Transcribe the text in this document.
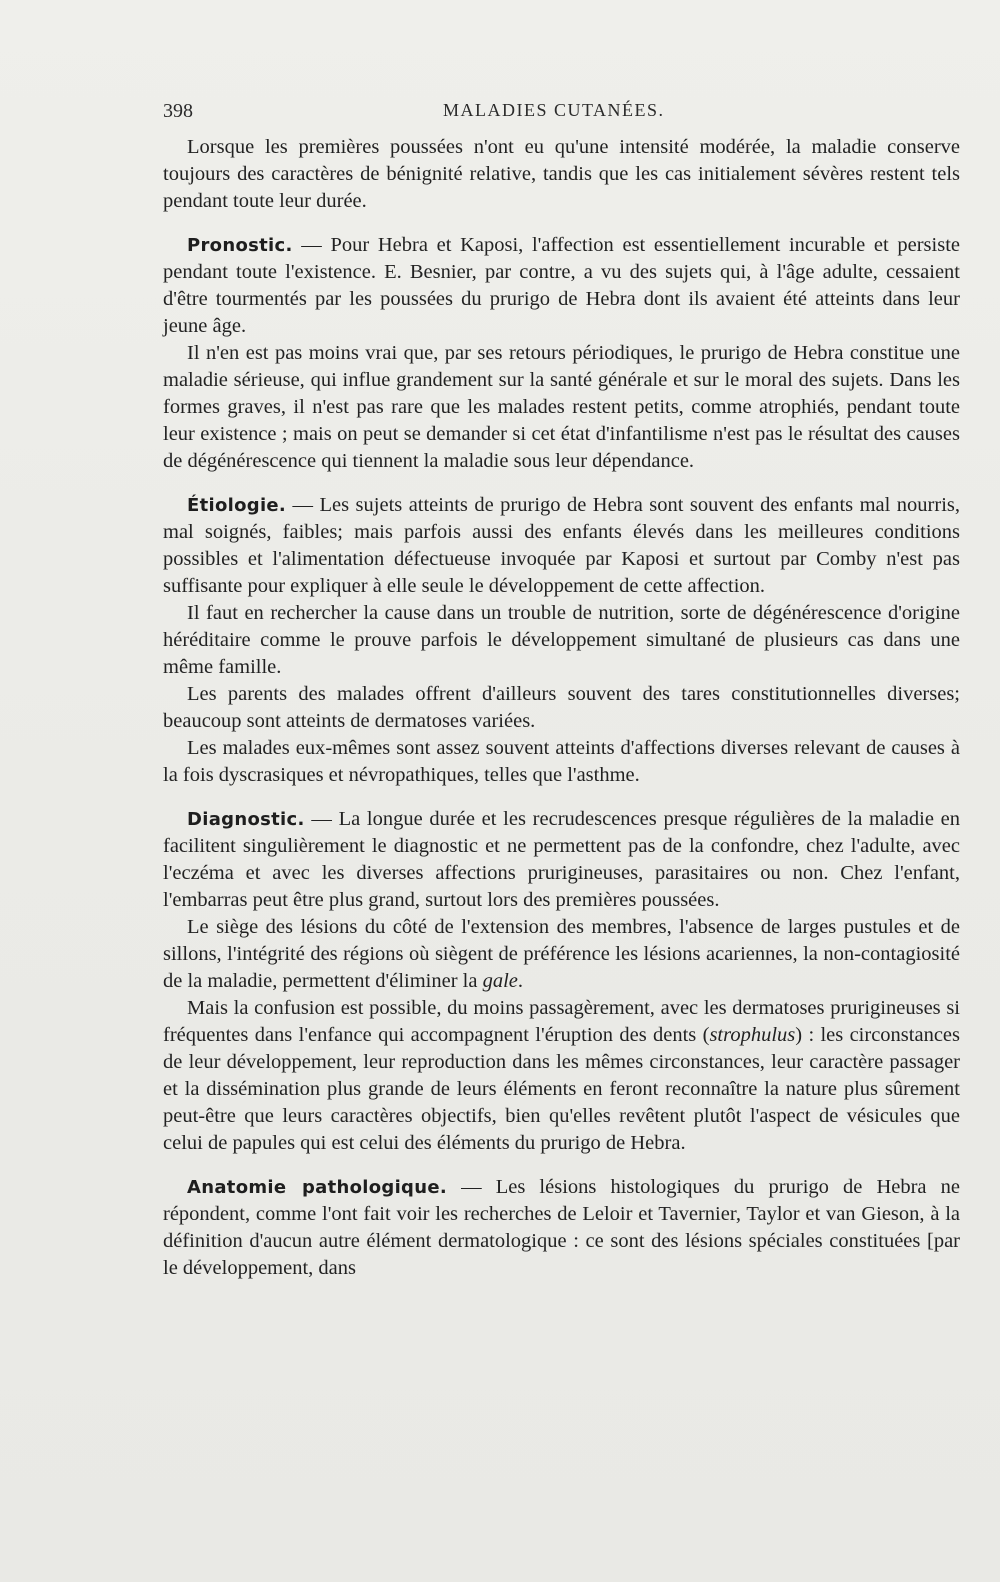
398	MALADIES CUTANÉES.

Lorsque les premières poussées n'ont eu qu'une intensité modérée, la maladie conserve toujours des caractères de bénignité relative, tandis que les cas initialement sévères restent tels pendant toute leur durée.

Pronostic. — Pour Hebra et Kaposi, l'affection est essentiellement incurable et persiste pendant toute l'existence. E. Besnier, par contre, a vu des sujets qui, à l'âge adulte, cessaient d'être tourmentés par les poussées du prurigo de Hebra dont ils avaient été atteints dans leur jeune âge.

Il n'en est pas moins vrai que, par ses retours périodiques, le prurigo de Hebra constitue une maladie sérieuse, qui influe grandement sur la santé générale et sur le moral des sujets. Dans les formes graves, il n'est pas rare que les malades restent petits, comme atrophiés, pendant toute leur existence ; mais on peut se demander si cet état d'infantilisme n'est pas le résultat des causes de dégénérescence qui tiennent la maladie sous leur dépendance.

Étiologie. — Les sujets atteints de prurigo de Hebra sont souvent des enfants mal nourris, mal soignés, faibles; mais parfois aussi des enfants élevés dans les meilleures conditions possibles et l'alimentation défectueuse invoquée par Kaposi et surtout par Comby n'est pas suffisante pour expliquer à elle seule le développement de cette affection.

Il faut en rechercher la cause dans un trouble de nutrition, sorte de dégénérescence d'origine héréditaire comme le prouve parfois le développement simultané de plusieurs cas dans une même famille.

Les parents des malades offrent d'ailleurs souvent des tares constitutionnelles diverses; beaucoup sont atteints de dermatoses variées.

Les malades eux-mêmes sont assez souvent atteints d'affections diverses relevant de causes à la fois dyscrasiques et névropathiques, telles que l'asthme.

Diagnostic. — La longue durée et les recrudescences presque régulières de la maladie en facilitent singulièrement le diagnostic et ne permettent pas de la confondre, chez l'adulte, avec l'eczéma et avec les diverses affections prurigineuses, parasitaires ou non. Chez l'enfant, l'embarras peut être plus grand, surtout lors des premières poussées.

Le siège des lésions du côté de l'extension des membres, l'absence de larges pustules et de sillons, l'intégrité des régions où siègent de préférence les lésions acariennes, la non-contagiosité de la maladie, permettent d'éliminer la gale.

Mais la confusion est possible, du moins passagèrement, avec les dermatoses prurigineuses si fréquentes dans l'enfance qui accompagnent l'éruption des dents (strophulus) : les circonstances de leur développement, leur reproduction dans les mêmes circonstances, leur caractère passager et la dissémination plus grande de leurs éléments en feront reconnaître la nature plus sûrement peut-être que leurs caractères objectifs, bien qu'elles revêtent plutôt l'aspect de vésicules que celui de papules qui est celui des éléments du prurigo de Hebra.

Anatomie pathologique. — Les lésions histologiques du prurigo de Hebra ne répondent, comme l'ont fait voir les recherches de Leloir et Tavernier, Taylor et van Gieson, à la définition d'aucun autre élément dermatologique : ce sont des lésions spéciales constituées [par le développement, dans
